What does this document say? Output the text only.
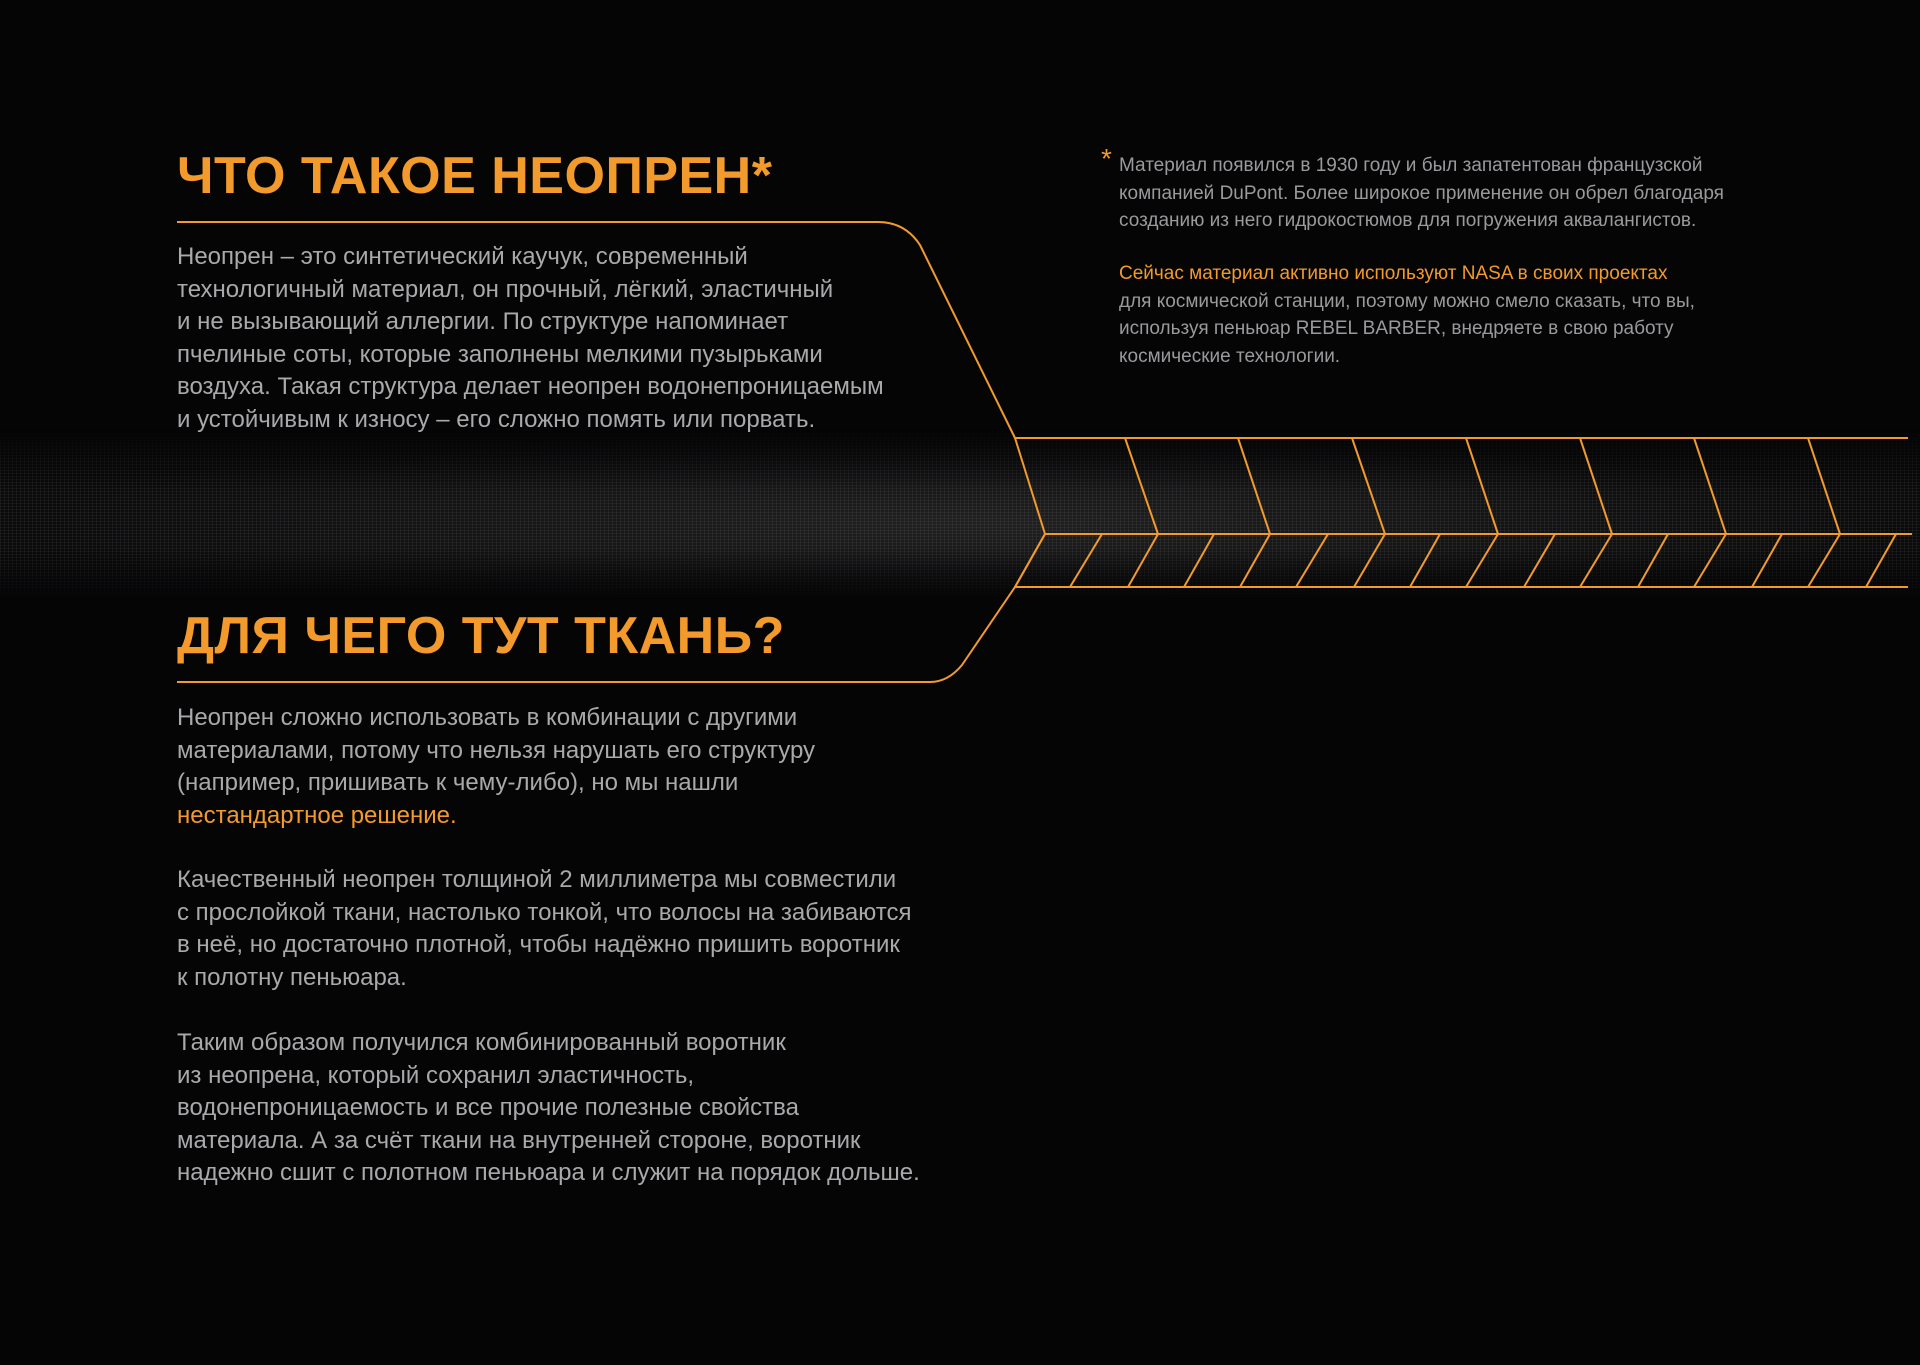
ЧТО ТАКОЕ НЕОПРЕН*

Неопрен – это синтетический каучук, современный
технологичный материал, он прочный, лёгкий, эластичный
и не вызывающий аллергии. По структуре напоминает
пчелиные соты, которые заполнены мелкими пузырьками
воздуха. Такая структура делает неопрен водонепроницаемым
и устойчивым к износу – его сложно помять или порвать.

* Материал появился в 1930 году и был запатентован французской
компанией DuPont. Более широкое применение он обрел благодаря
созданию из него гидрокостюмов для погружения аквалангистов.

Сейчас материал активно используют NASA в своих проектах
для космической станции, поэтому можно смело сказать, что вы,
используя пеньюар REBEL BARBER, внедряете в свою работу
космические технологии.

ДЛЯ ЧЕГО ТУТ ТКАНЬ?

Неопрен сложно использовать в комбинации с другими
материалами, потому что нельзя нарушать его структуру
(например, пришивать к чему-либо), но мы нашли
нестандартное решение.

Качественный неопрен толщиной 2 миллиметра мы совместили
с прослойкой ткани, настолько тонкой, что волосы на забиваются
в неё, но достаточно плотной, чтобы надёжно пришить воротник
к полотну пеньюара.

Таким образом получился комбинированный воротник
из неопрена, который сохранил эластичность,
водонепроницаемость и все прочие полезные свойства
материала. А за счёт ткани на внутренней стороне, воротник
надежно сшит с полотном пеньюара и служит на порядок дольше.
